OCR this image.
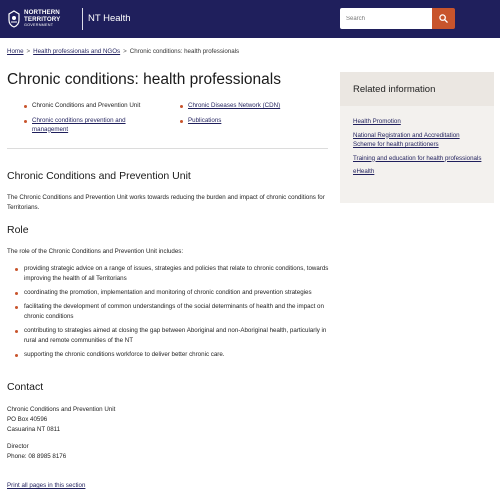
NORTHERN
TERRITORY
GOVERNMENT
NT Health
Search
Home > Health professionals and NGOs > Chronic conditions: health professionals
Chronic conditions: health professionals
Chronic Conditions and Prevention Unit	Chronic Diseases Network (CDN)
Chronic conditions prevention and management
Publications
Chronic Conditions and Prevention Unit

The Chronic Conditions and Prevention Unit works towards reducing the burden and impact of chronic conditions for Territorians.

Role

The role of the Chronic Conditions and Prevention Unit includes:

providing strategic advice on a range of issues, strategies and policies that relate to chronic conditions, towards improving the health of all Territorians
coordinating the promotion, implementation and monitoring of chronic condition and prevention strategies
facilitating the development of common understandings of the social determinants of health and the impact on chronic conditions
contributing to strategies aimed at closing the gap between Aboriginal and non-Aboriginal health, particularly in rural and remote communities of the NT
supporting the chronic conditions workforce to deliver better chronic care.
Contact
Chronic Conditions and Prevention Unit
PO Box 40596
Casuarina NT 0811
Director
Phone: 08 8985 8176
Print all pages in this section
Related information
Health Promotion
National Registration and Accreditation Scheme for health practitioners
Training and education for health professionals
eHealth
